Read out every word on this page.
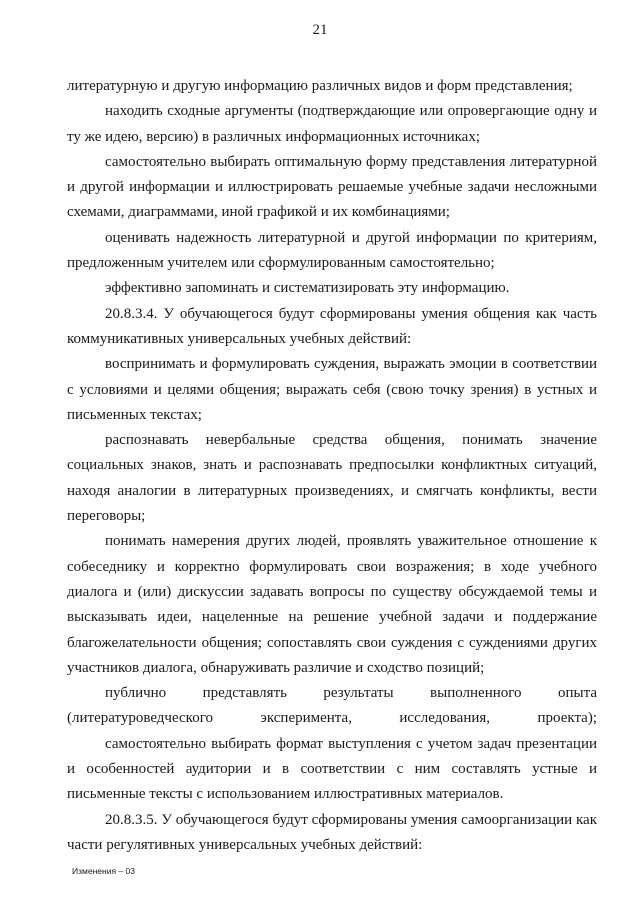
21

литературную и другую информацию различных видов и форм представления;

находить сходные аргументы (подтверждающие или опровергающие одну и ту же идею, версию) в различных информационных источниках;

самостоятельно выбирать оптимальную форму представления литературной и другой информации и иллюстрировать решаемые учебные задачи несложными схемами, диаграммами, иной графикой и их комбинациями;

оценивать надежность литературной и другой информации по критериям, предложенным учителем или сформулированным самостоятельно;

эффективно запоминать и систематизировать эту информацию.

20.8.3.4. У обучающегося будут сформированы умения общения как часть коммуникативных универсальных учебных действий:

воспринимать и формулировать суждения, выражать эмоции в соответствии с условиями и целями общения; выражать себя (свою точку зрения) в устных и письменных текстах;

распознавать невербальные средства общения, понимать значение социальных знаков, знать и распознавать предпосылки конфликтных ситуаций, находя аналогии в литературных произведениях, и смягчать конфликты, вести переговоры;

понимать намерения других людей, проявлять уважительное отношение к собеседнику и корректно формулировать свои возражения; в ходе учебного диалога и (или) дискуссии задавать вопросы по существу обсуждаемой темы и высказывать идеи, нацеленные на решение учебной задачи и поддержание благожелательности общения; сопоставлять свои суждения с суждениями других участников диалога, обнаруживать различие и сходство позиций;

публично представлять результаты выполненного опыта (литературоведческого эксперимента, исследования, проекта);

самостоятельно выбирать формат выступления с учетом задач презентации и особенностей аудитории и в соответствии с ним составлять устные и письменные тексты с использованием иллюстративных материалов.

20.8.3.5. У обучающегося будут сформированы умения самоорганизации как части регулятивных универсальных учебных действий:

Изменения – 03
